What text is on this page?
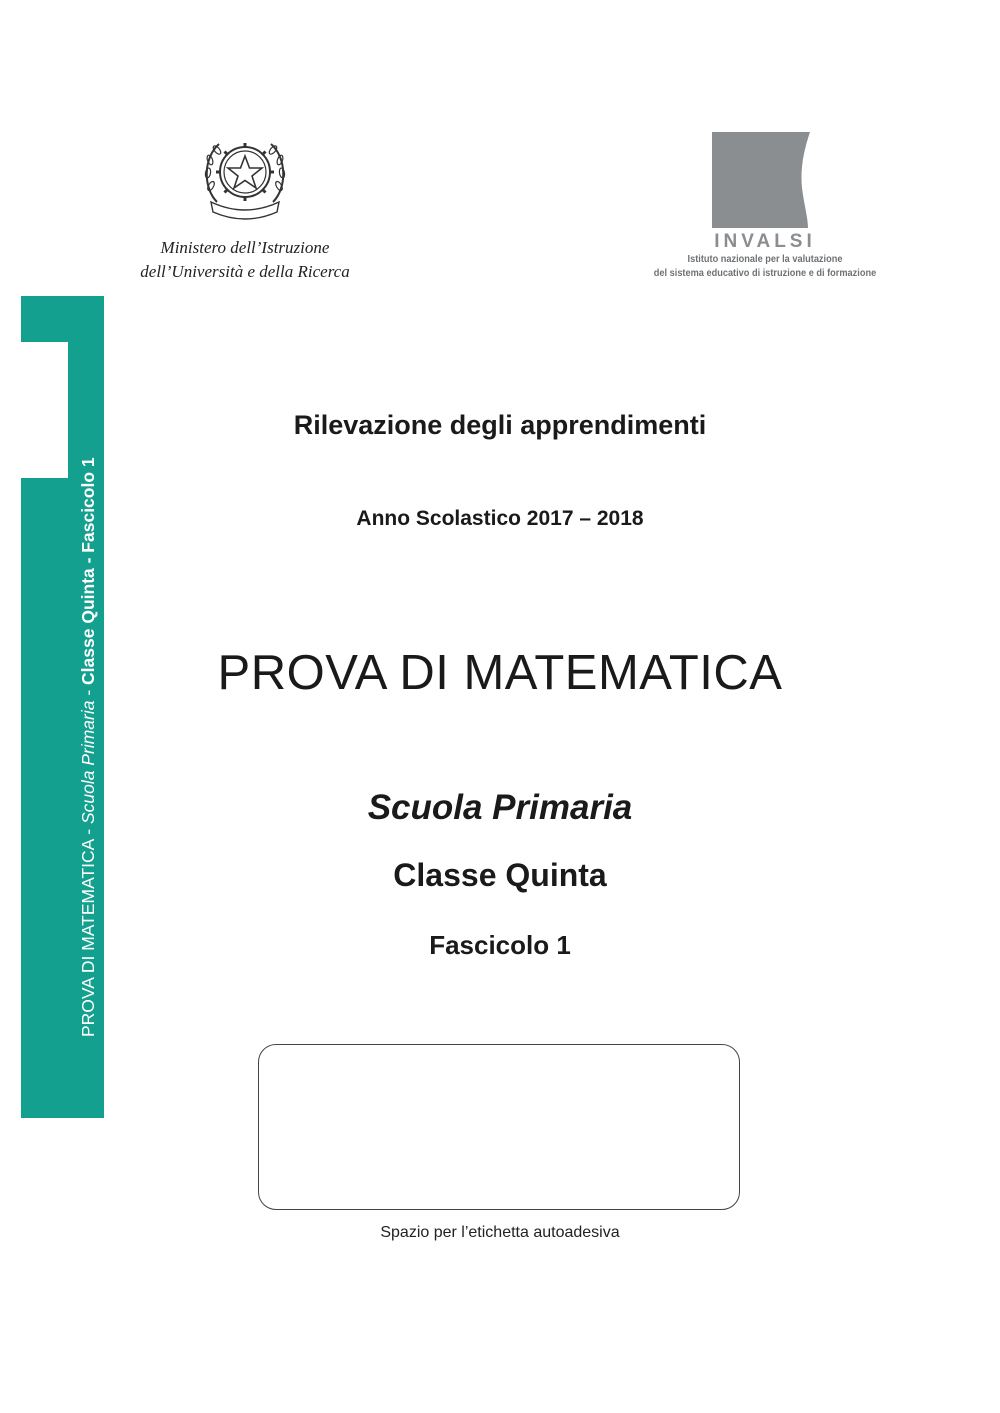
Ministero dell’Istruzione
dell’Università e della Ricerca
INVALSI
Istituto nazionale per la valutazione
del sistema educativo di istruzione e di formazione
PROVA DI MATEMATICA - Scuola Primaria - Classe Quinta - Fascicolo 1
Rilevazione degli apprendimenti
Anno Scolastico 2017 – 2018
PROVA DI MATEMATICA
Scuola Primaria
Classe Quinta
Fascicolo 1
Spazio per l’etichetta autoadesiva
